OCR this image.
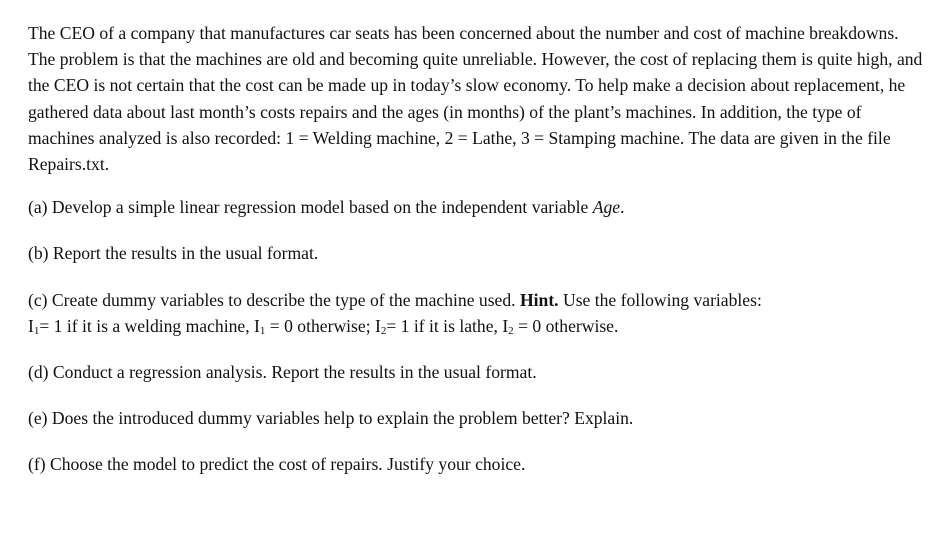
The CEO of a company that manufactures car seats has been concerned about the number and cost of machine breakdowns. The problem is that the machines are old and becoming quite unreliable. However, the cost of replacing them is quite high, and the CEO is not certain that the cost can be made up in today’s slow economy. To help make a decision about replacement, he gathered data about last month’s costs repairs and the ages (in months) of the plant’s machines. In addition, the type of machines analyzed is also recorded: 1 = Welding machine, 2 = Lathe, 3 = Stamping machine. The data are given in the file Repairs.txt.

(a) Develop a simple linear regression model based on the independent variable Age.

(b) Report the results in the usual format.

(c) Create dummy variables to describe the type of the machine used. Hint. Use the following variables:
$I_1= 1$ if it is a welding machine, $I_1 = 0$ otherwise; $I_2= 1$ if it is lathe, $I_2 = 0$ otherwise.

(d) Conduct a regression analysis. Report the results in the usual format.

(e) Does the introduced dummy variables help to explain the problem better? Explain.

(f) Choose the model to predict the cost of repairs. Justify your choice.
